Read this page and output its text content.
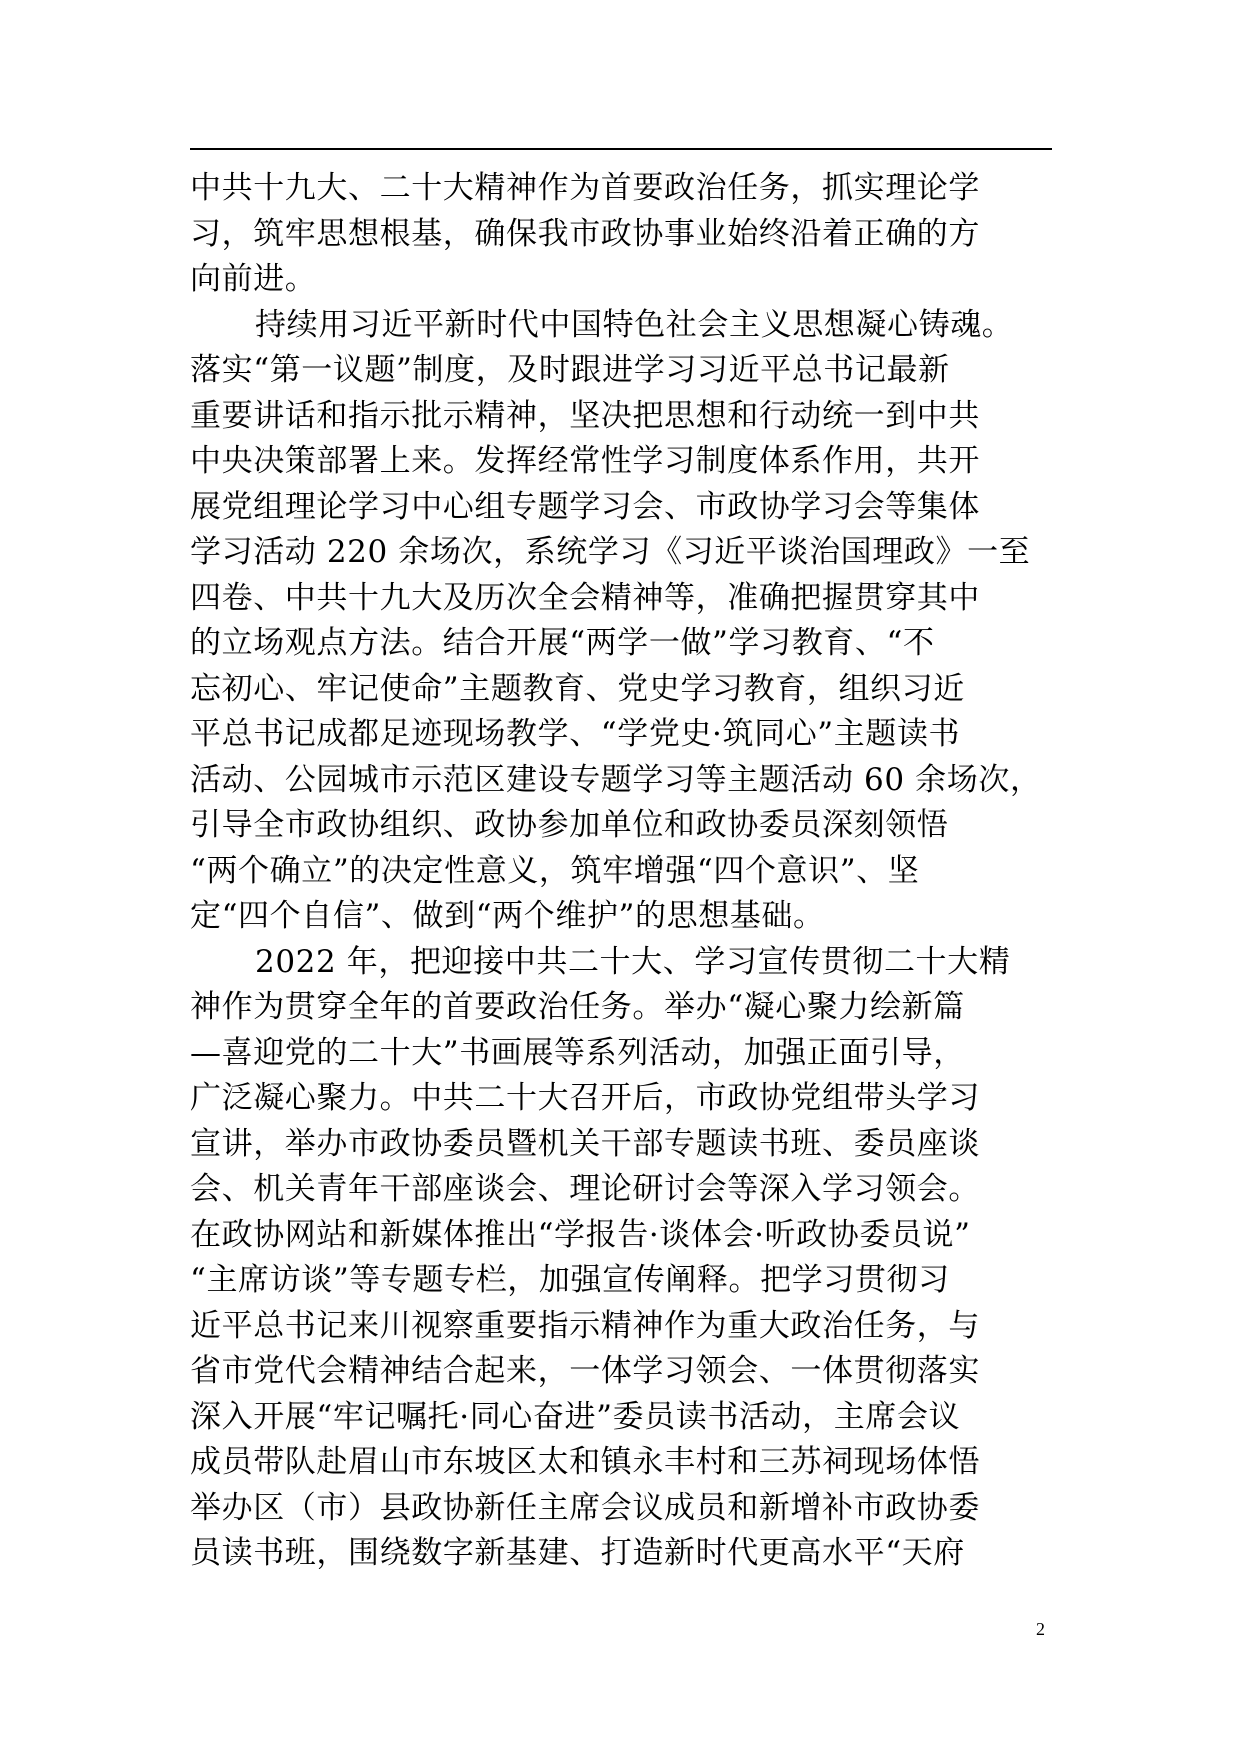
中共十九大、二十大精神作为首要政治任务，抓实理论学
习，筑牢思想根基，确保我市政协事业始终沿着正确的方
向前进。
持续用习近平新时代中国特色社会主义思想凝心铸魂。
落实“第一议题”制度，及时跟进学习习近平总书记最新
重要讲话和指示批示精神，坚决把思想和行动统一到中共
中央决策部署上来。发挥经常性学习制度体系作用，共开
展党组理论学习中心组专题学习会、市政协学习会等集体
学习活动 220 余场次，系统学习《习近平谈治国理政》一至
四卷、中共十九大及历次全会精神等，准确把握贯穿其中
的立场观点方法。结合开展“两学一做”学习教育、“不
忘初心、牢记使命”主题教育、党史学习教育，组织习近
平总书记成都足迹现场教学、“学党史·筑同心”主题读书
活动、公园城市示范区建设专题学习等主题活动 60 余场次，
引导全市政协组织、政协参加单位和政协委员深刻领悟
“两个确立”的决定性意义，筑牢增强“四个意识”、坚
定“四个自信”、做到“两个维护”的思想基础。
2022 年，把迎接中共二十大、学习宣传贯彻二十大精
神作为贯穿全年的首要政治任务。举办“凝心聚力绘新篇
—喜迎党的二十大”书画展等系列活动，加强正面引导，
广泛凝心聚力。中共二十大召开后，市政协党组带头学习
宣讲，举办市政协委员暨机关干部专题读书班、委员座谈
会、机关青年干部座谈会、理论研讨会等深入学习领会。
在政协网站和新媒体推出“学报告·谈体会·听政协委员说”
“主席访谈”等专题专栏，加强宣传阐释。把学习贯彻习
近平总书记来川视察重要指示精神作为重大政治任务，与
省市党代会精神结合起来，一体学习领会、一体贯彻落实
深入开展“牢记嘱托·同心奋进”委员读书活动，主席会议
成员带队赴眉山市东坡区太和镇永丰村和三苏祠现场体悟
举办区（市）县政协新任主席会议成员和新增补市政协委
员读书班，围绕数字新基建、打造新时代更高水平“天府
2
